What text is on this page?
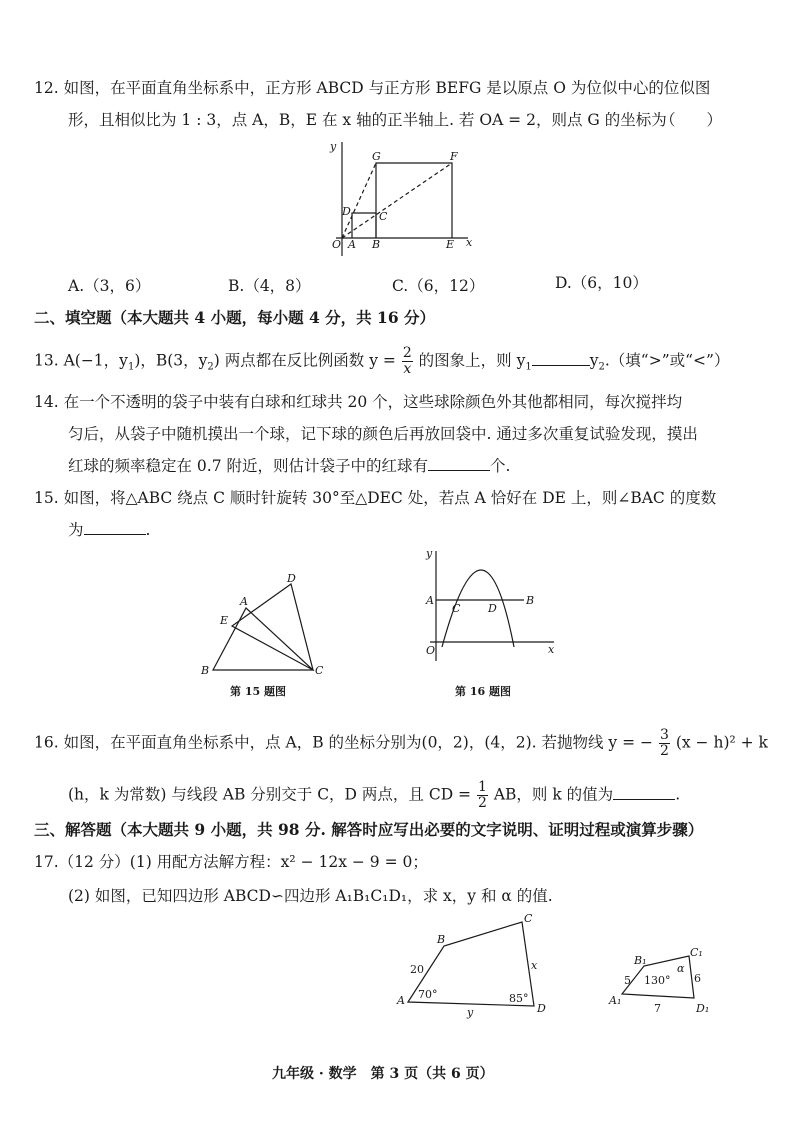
12. 如图，在平面直角坐标系中，正方形 ABCD 与正方形 BEFG 是以原点 O 为位似中心的位似图
形，且相似比为 1 : 3，点 A，B，E 在 x 轴的正半轴上. 若 OA = 2，则点 G 的坐标为
（　　）
y
x
O A B	E
D	C
G	F
A.（3，6）	B.（4，8）	C.（6，12）	D.（6，10）
二、填空题（本大题共 4 小题，每小题 4 分，共 16 分）
13. A(−1，$y_1$)，B(3，$y_2$) 两点都在反比例函数 $y = \frac{2}{x}$ 的图象上，则 $y_1$	$y_2$.（填“>”或“<”）
14. 在一个不透明的袋子中装有白球和红球共 20 个，这些球除颜色外其他都相同，每次搅拌均
匀后，从袋子中随机摸出一个球，记下球的颜色后再放回袋中. 通过多次重复试验发现，摸出
红球的频率稳定在 0.7 附近，则估计袋子中的红球有	个.
15. 如图，将△ABC 绕点 C 顺时针旋转 30°至△DEC 处，若点 A 恰好在 DE 上，则∠BAC 的度数
为	.
A
B	C
D
E
第 15 题图
y
x
O
A	B
C	D
第 16 题图
16. 如图，在平面直角坐标系中，点 A，B 的坐标分别为(0，2)，(4，2). 若抛物线 y = − $\frac{3}{2} (x - h)^2 + k$
(h，k 为常数) 与线段 AB 分别交于 C，D 两点，且 CD = $\frac{1}{2}$ AB，则 k 的值为	.
三、解答题（本大题共 9 小题，共 98 分. 解答时应写出必要的文字说明、证明过程或演算步骤）
17.（12 分）(1) 用配方法解方程：x² − 12x − 9 = 0；
(2) 如图，已知四边形 ABCD∽四边形 A₁B₁C₁D₁，求 x，y 和 α 的值.
A
B
C
D
20
70°	85°
x
y
A₁
B₁
C₁
D₁
5 130°
α
6
7
九年级 · 数学　第 3 页（共 6 页）
